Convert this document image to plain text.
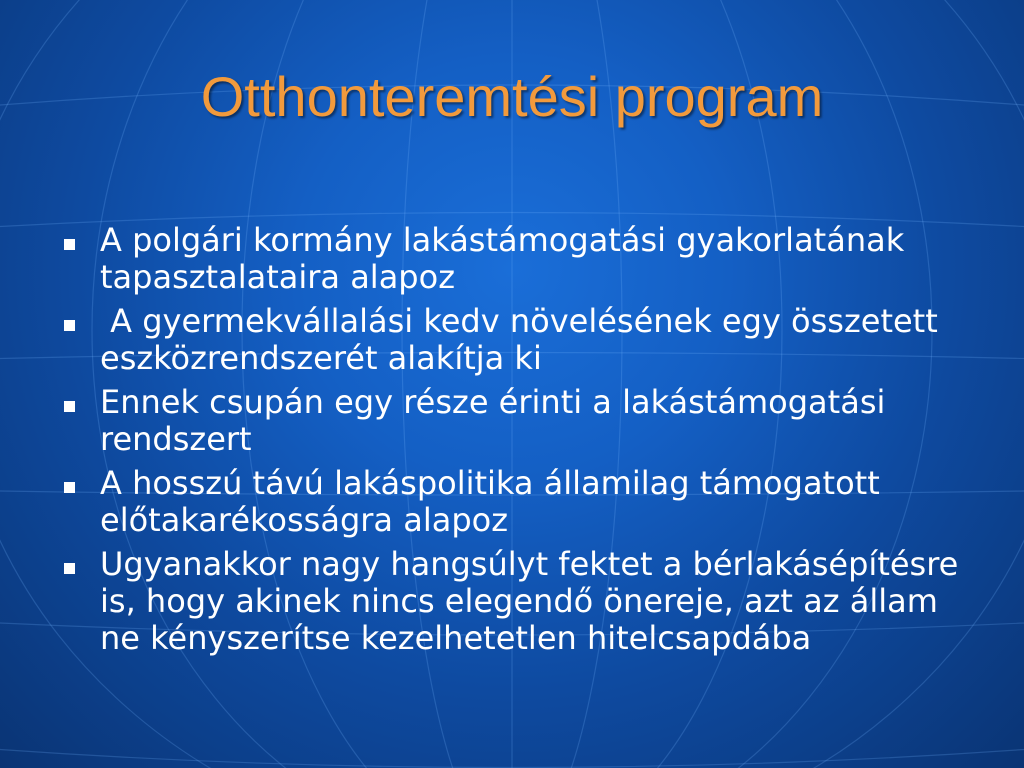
Otthonteremtési program
A polgári kormány lakástámogatási gyakorlatának tapasztalataira alapoz
A gyermekvállalási kedv növelésének egy összetett eszközrendszerét alakítja ki
Ennek csupán egy része érinti a lakástámogatási rendszert
A hosszú távú lakáspolitika államilag támogatott előtakarékosságra alapoz
Ugyanakkor nagy hangsúlyt fektet a bérlakásépítésre is, hogy akinek nincs elegendő önereje, azt az állam ne kényszerítse kezelhetetlen hitelcsapdába
